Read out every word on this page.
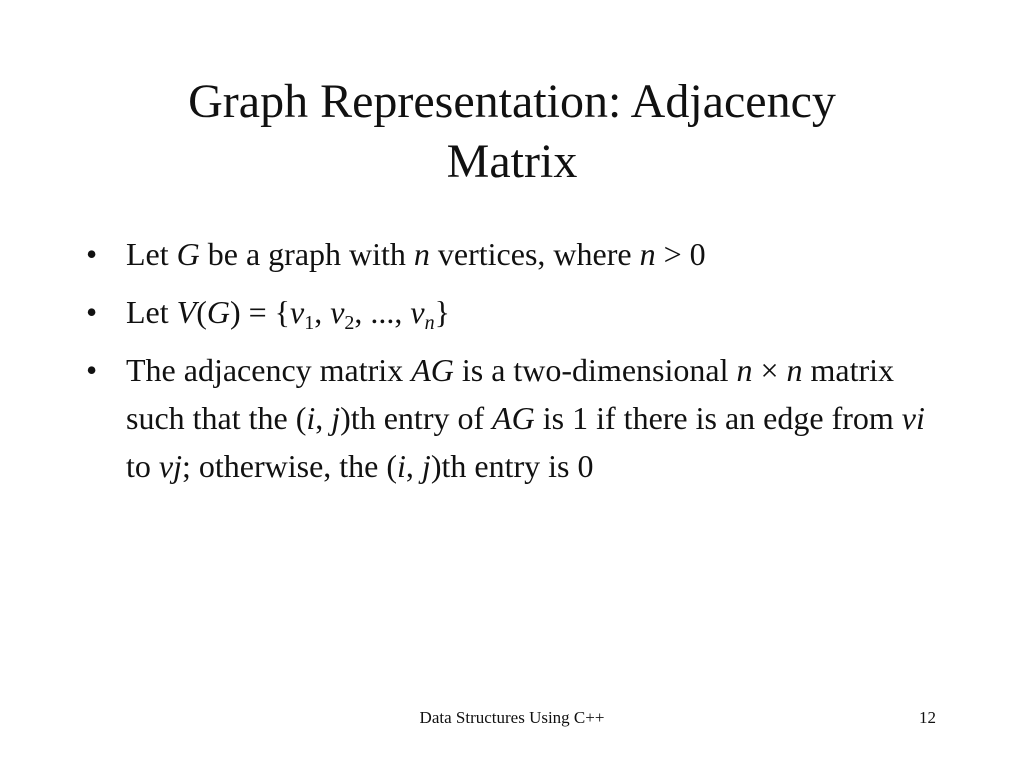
Graph Representation: Adjacency
Matrix
• Let G be a graph with n vertices, where n > 0
• Let $V(G) = \{v_1$, $v_2$, ..., $v_n$}
• The adjacency matrix AG is a two-dimensional n × n matrix such that the (i, j)th entry of AG is 1 if there is an edge from vi to vj; otherwise, the (i, j)th entry is 0
Data Structures Using C++	12
